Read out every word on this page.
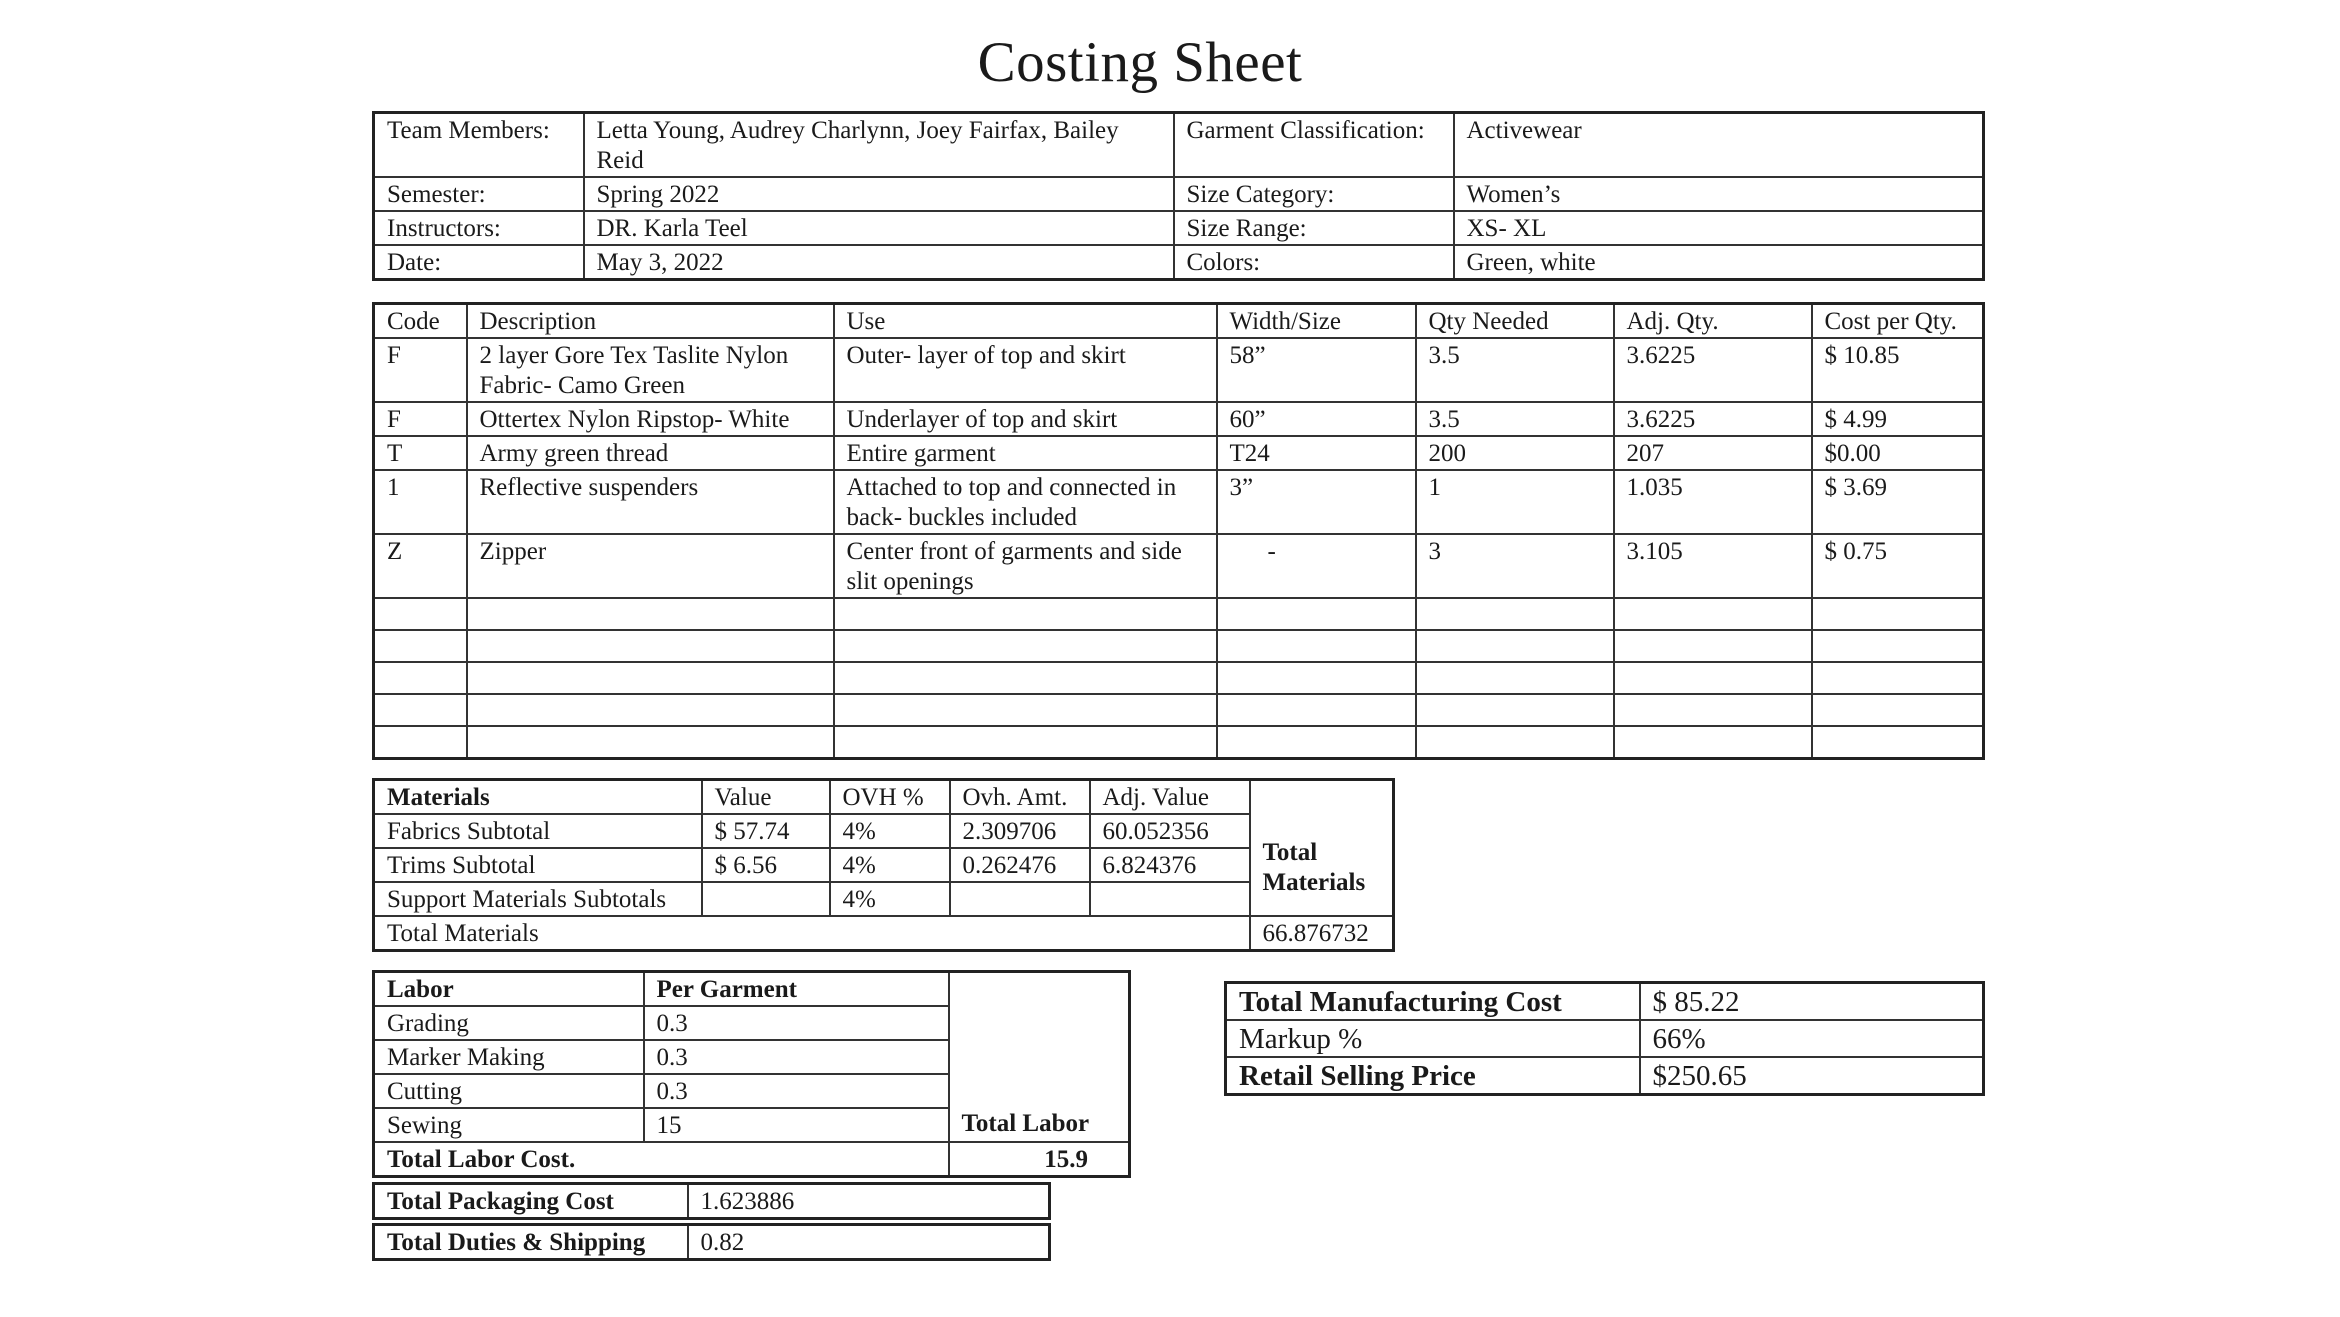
Costing Sheet
Team Members:	Letta Young, Audrey Charlynn, Joey Fairfax, Bailey Reid	Garment Classification:	Activewear
Semester:	Spring 2022	Size Category:	Women’s
Instructors:	DR. Karla Teel	Size Range:	XS- XL
Date:	May 3, 2022	Colors:	Green, white
Code	Description	Use	Width/Size	Qty Needed	Adj. Qty.	Cost per Qty.
F	2 layer Gore Tex Taslite Nylon Fabric- Camo Green	Outer- layer of top and skirt	58”	3.5	3.6225	$ 10.85
F	Ottertex Nylon Ripstop- White	Underlayer of top and skirt	60”	3.5	3.6225	$ 4.99
T	Army green thread	Entire garment	T24	200	207	$0.00
1	Reflective suspenders	Attached to top and connected in back- buckles included	3”	1	1.035	$ 3.69
Z	Zipper	Center front of garments and side slit openings	-	3	3.105	$ 0.75

Materials	Value	OVH %	Ovh. Amt.	Adj. Value	Total Materials
Fabrics Subtotal	$ 57.74	4%	2.309706	60.052356	
Trims Subtotal	$ 6.56	4%	0.262476	6.824376	
Support Materials Subtotals		4%			
Total Materials					66.876732
Labor	Per Garment	Total Labor
Grading	0.3	
Marker Making	0.3	
Cutting	0.3	
Sewing	15	
Total Labor Cost.		15.9
Total Packaging Cost	1.623886
Total Duties & Shipping	0.82
Total Manufacturing Cost	$ 85.22
Markup %	66%
Retail Selling Price	$250.65
